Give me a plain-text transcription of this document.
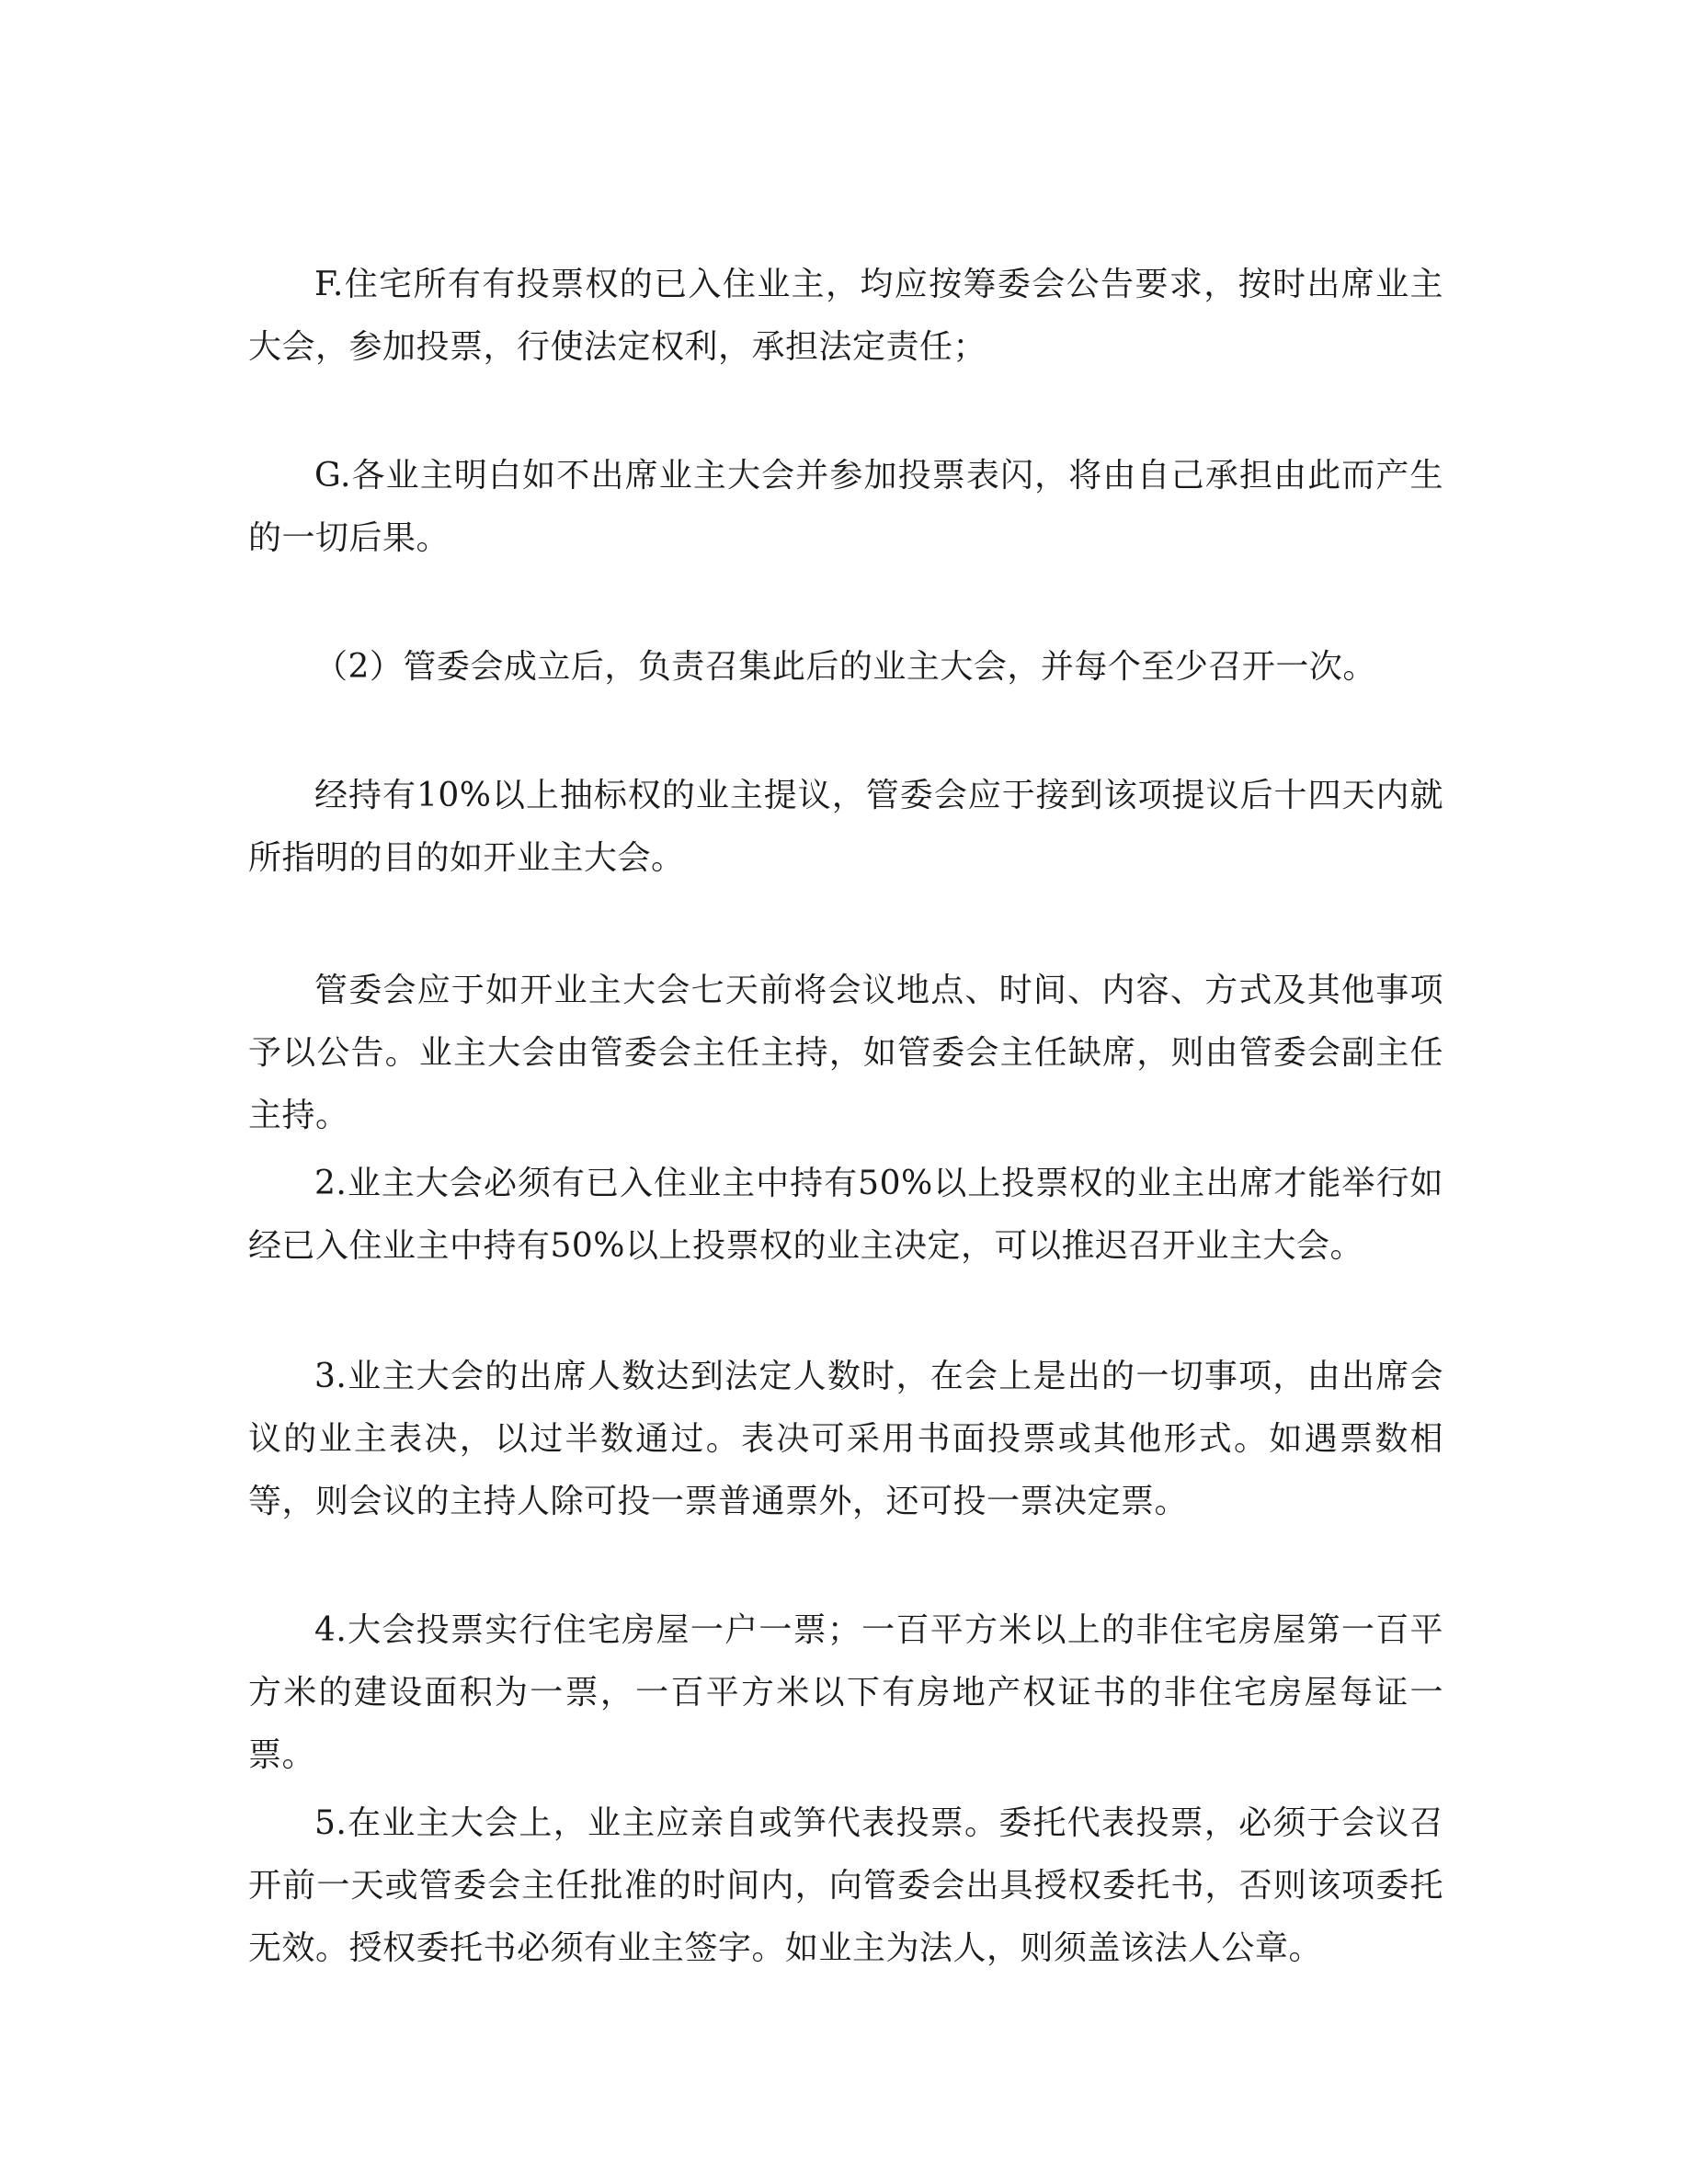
F.住宅所有有投票权的已入住业主，均应按筹委会公告要求，按时出席业主大会，参加投票，行使法定权利，承担法定责任；

G.各业主明白如不出席业主大会并参加投票表闪，将由自己承担由此而产生的一切后果。

（2）管委会成立后，负责召集此后的业主大会，并每个至少召开一次。

经持有10%以上抽标权的业主提议，管委会应于接到该项提议后十四天内就所指明的目的如开业主大会。

管委会应于如开业主大会七天前将会议地点、时间、内容、方式及其他事项予以公告。业主大会由管委会主任主持，如管委会主任缺席，则由管委会副主任主持。

2.业主大会必须有已入住业主中持有50%以上投票权的业主出席才能举行如经已入住业主中持有50%以上投票权的业主决定，可以推迟召开业主大会。

3.业主大会的出席人数达到法定人数时，在会上是出的一切事项，由出席会议的业主表决，以过半数通过。表决可采用书面投票或其他形式。如遇票数相等，则会议的主持人除可投一票普通票外，还可投一票决定票。

4.大会投票实行住宅房屋一户一票；一百平方米以上的非住宅房屋第一百平方米的建设面积为一票，一百平方米以下有房地产权证书的非住宅房屋每证一票。

5.在业主大会上，业主应亲自或笋代表投票。委托代表投票，必须于会议召开前一天或管委会主任批准的时间内，向管委会出具授权委托书，否则该项委托无效。授权委托书必须有业主签字。如业主为法人，则须盖该法人公章。
